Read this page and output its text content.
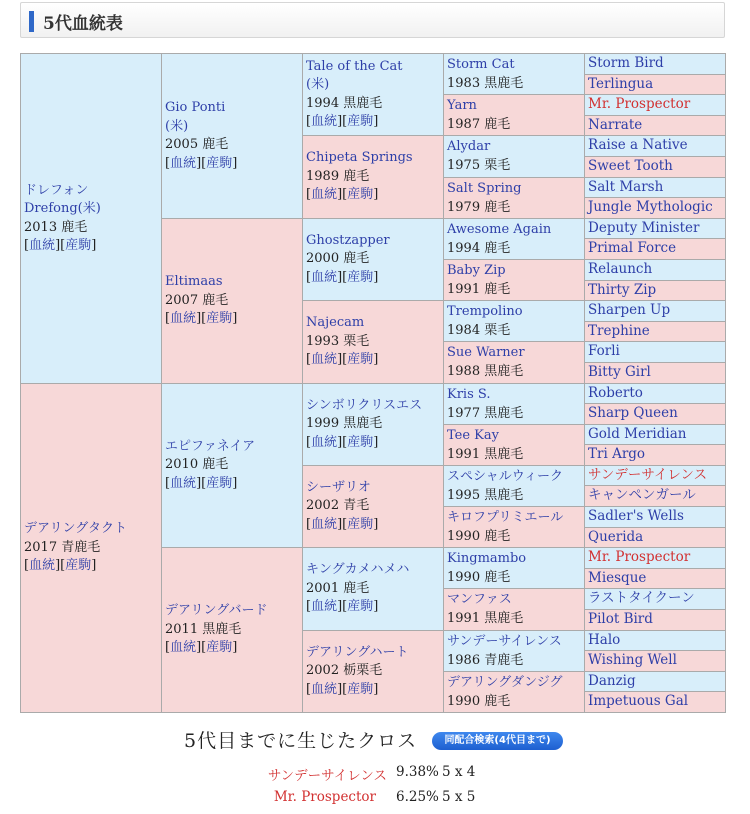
5代血統表
ドレフォン
Drefong(米)
2013 鹿毛
[血統][産駒]
デアリングタクト
2017 青鹿毛
[血統][産駒]
Gio Ponti
(米)
2005 鹿毛
[血統][産駒]
Eltimaas
2007 鹿毛
[血統][産駒]
エピファネイア
2010 鹿毛
[血統][産駒]
デアリングバード
2011 黒鹿毛
[血統][産駒]
Tale of the Cat
(米)
1994 黒鹿毛
[血統][産駒]
Chipeta Springs
1989 鹿毛
[血統][産駒]
Ghostzapper
2000 鹿毛
[血統][産駒]
Najecam
1993 栗毛
[血統][産駒]
シンボリクリスエス
1999 黒鹿毛
[血統][産駒]
シーザリオ
2002 青毛
[血統][産駒]
キングカメハメハ
2001 鹿毛
[血統][産駒]
デアリングハート
2002 栃栗毛
[血統][産駒]
Storm Cat
1983 黒鹿毛
Yarn
1987 鹿毛
Alydar
1975 栗毛
Salt Spring
1979 鹿毛
Awesome Again
1994 鹿毛
Baby Zip
1991 鹿毛
Trempolino
1984 栗毛
Sue Warner
1988 黒鹿毛
Kris S.
1977 黒鹿毛
Tee Kay
1991 黒鹿毛
スペシャルウィーク
1995 黒鹿毛
キロフプリミエール
1990 鹿毛
Kingmambo
1990 鹿毛
マンファス
1991 黒鹿毛
サンデーサイレンス
1986 青鹿毛
デアリングダンジグ
1990 鹿毛
Storm Bird
Terlingua
Mr. Prospector
Narrate
Raise a Native
Sweet Tooth
Salt Marsh
Jungle Mythologic
Deputy Minister
Primal Force
Relaunch
Thirty Zip
Sharpen Up
Trephine
Forli
Bitty Girl
Roberto
Sharp Queen
Gold Meridian
Tri Argo
サンデーサイレンス
キャンペンガール
Sadler's Wells
Querida
Mr. Prospector
Miesque
ラストタイクーン
Pilot Bird
Halo
Wishing Well
Danzig
Impetuous Gal
5代目までに生じたクロス	同配合検索(4代目まで)
サンデーサイレンス 9.38% 5 x 4
Mr. Prospector 6.25% 5 x 5
